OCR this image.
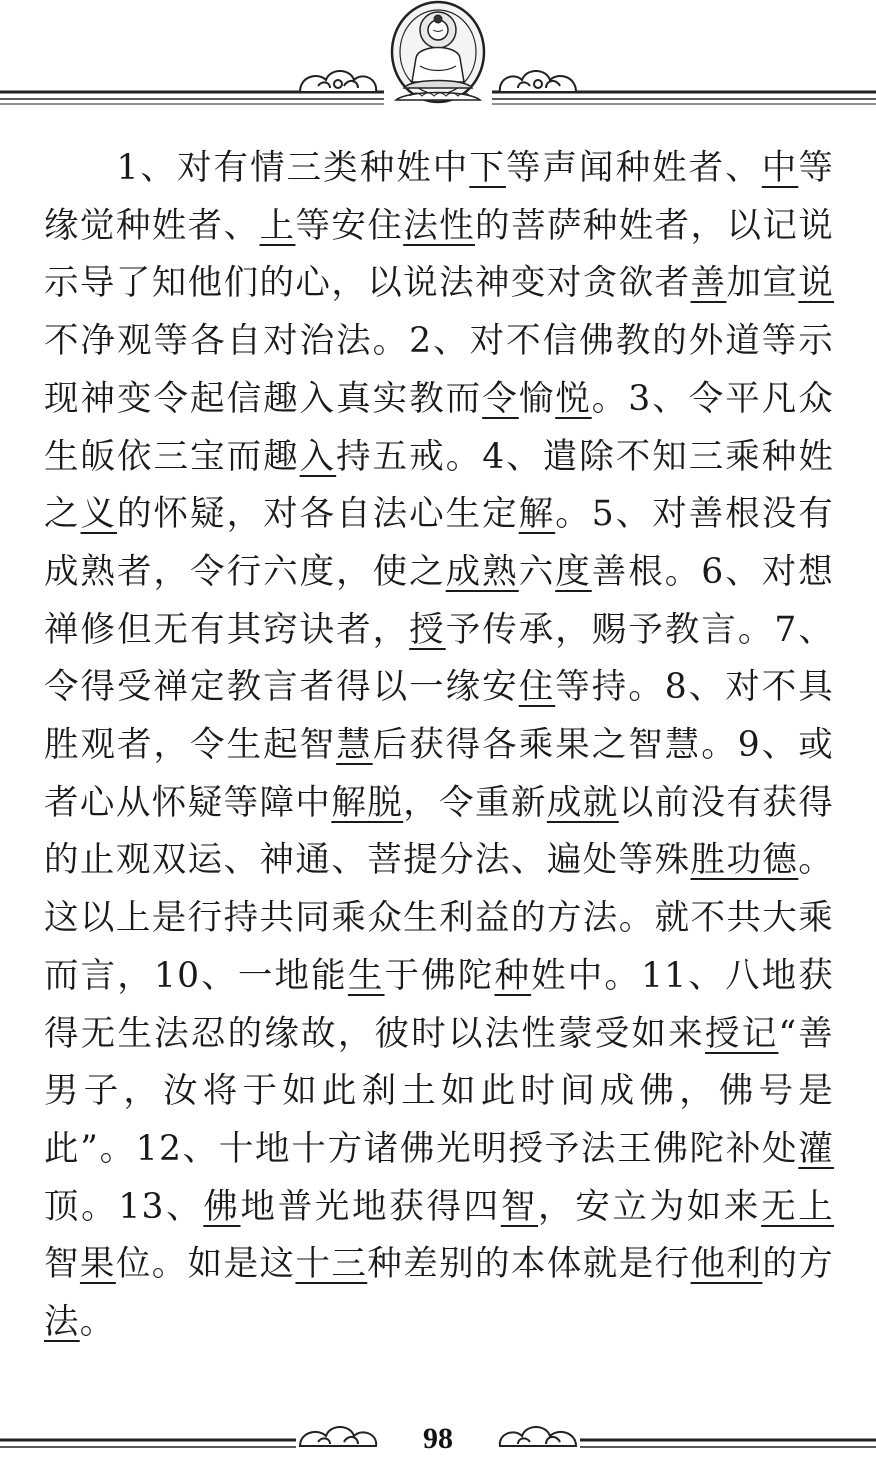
1、对有情三类种姓中下等声闻种姓者、中等缘觉种姓者、上等安住法性的菩萨种姓者，以记说示导了知他们的心，以说法神变对贪欲者善加宣说不净观等各自对治法。2、对不信佛教的外道等示现神变令起信趣入真实教而令愉悦。3、令平凡众生皈依三宝而趣入持五戒。4、遣除不知三乘种姓之义的怀疑，对各自法心生定解。5、对善根没有成熟者，令行六度，使之成熟六度善根。6、对想禅修但无有其窍诀者，授予传承，赐予教言。7、令得受禅定教言者得以一缘安住等持。8、对不具胜观者，令生起智慧后获得各乘果之智慧。9、或者心从怀疑等障中解脱，令重新成就以前没有获得的止观双运、神通、菩提分法、遍处等殊胜功德。这以上是行持共同乘众生利益的方法。就不共大乘而言，10、一地能生于佛陀种姓中。11、八地获得无生法忍的缘故，彼时以法性蒙受如来授记“善男子，汝将于如此刹土如此时间成佛，佛号是此”。12、十地十方诸佛光明授予法王佛陀补处灌顶。13、佛地普光地获得四智，安立为如来无上智果位。如是这十三种差别的本体就是行他利的方法。

98
